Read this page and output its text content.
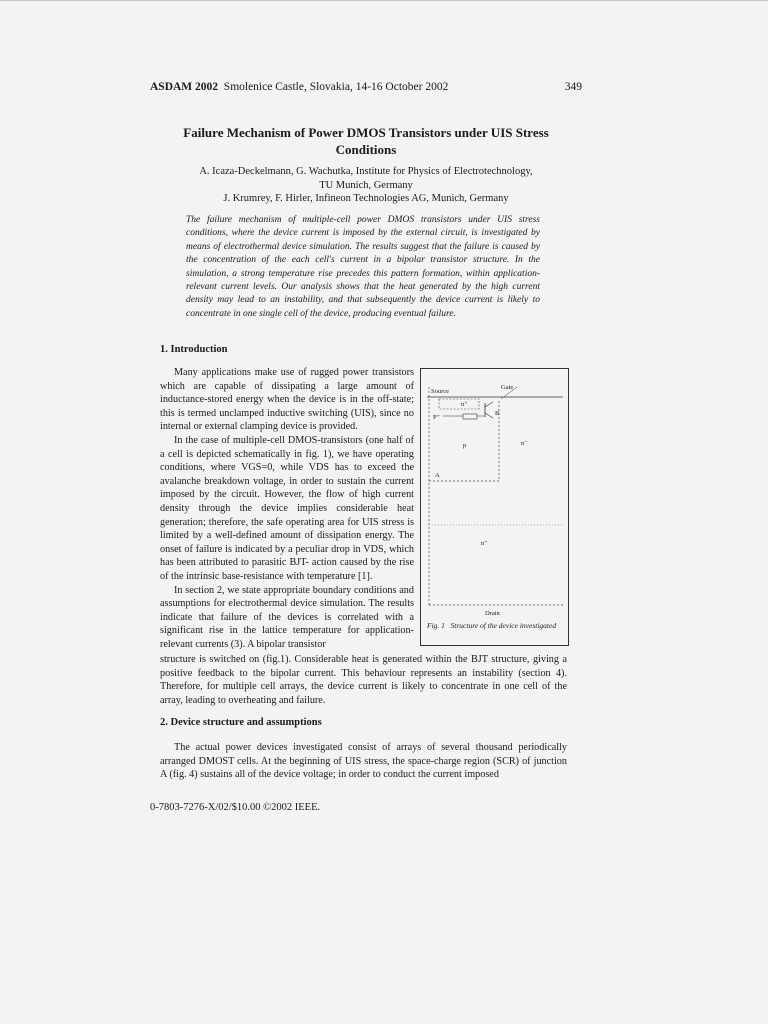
ASDAM 2002 Smolenice Castle, Slovakia, 14-16 October 2002	349
Failure Mechanism of Power DMOS Transistors under UIS Stress
Conditions
A. Icaza-Deckelmann, G. Wachutka, Institute for Physics of Electrotechnology,
TU Munich, Germany
J. Krumrey, F. Hirler, Infineon Technologies AG, Munich, Germany
The failure mechanism of multiple-cell power DMOS transistors under UIS stress conditions, where the device current is imposed by the external circuit, is investigated by means of electrothermal device simulation. The results suggest that the failure is caused by the concentration of the each cell's current in a bipolar transistor structure. In the simulation, a strong temperature rise precedes this pattern formation, within application-relevant current levels. Our analysis shows that the heat generated by the high current density may lead to an instability, and that subsequently the device current is likely to concentrate in one single cell of the device, producing eventual failure.
1. Introduction

Many applications make use of rugged power transistors which are capable of dissipating a large amount of inductance-stored energy when the device is in the off-state; this is termed unclamped inductive switching (UIS), since no internal or external clamping device is provided.

In the case of multiple-cell DMOS-transistors (one half of a cell is depicted schematically in fig. 1), we have operating conditions, where VGS=0, while VDS has to exceed the avalanche breakdown voltage, in order to sustain the current imposed by the circuit. However, the flow of high current density through the device implies considerable heat generation; therefore, the safe operating area for UIS stress is limited by a well-defined amount of dissipation energy. The onset of failure is indicated by a peculiar drop in VDS, which has been attributed to parasitic BJT- action caused by the rise of the intrinsic base-resistance with temperature [1].

In section 2, we state appropriate boundary conditions and assumptions for electrothermal device simulation. The results indicate that failure of the devices is correlated with a significant rise in the lattice temperature for application-relevant currents (3). A bipolar transistor

structure is switched on (fig.1). Considerable heat is generated within the BJT structure, giving a positive feedback to the bipolar current. This behaviour represents an instability (section 4). Therefore, for multiple cell arrays, the device current is likely to concentrate in one cell of the array, leading to overheating and failure.

2. Device structure and assumptions

The actual power devices investigated consist of arrays of several thousand periodically arranged DMOST cells. At the beginning of UIS stress, the space-charge region (SCR) of junction A (fig. 4) sustains all of the device voltage; in order to conduct the current imposed

Source
Gate
n⁺
P⁺
B
p	n⁻
A
n⁺
Drain
Fig. 1 Structure of the device investigated
0-7803-7276-X/02/$10.00 ©2002 IEEE.
